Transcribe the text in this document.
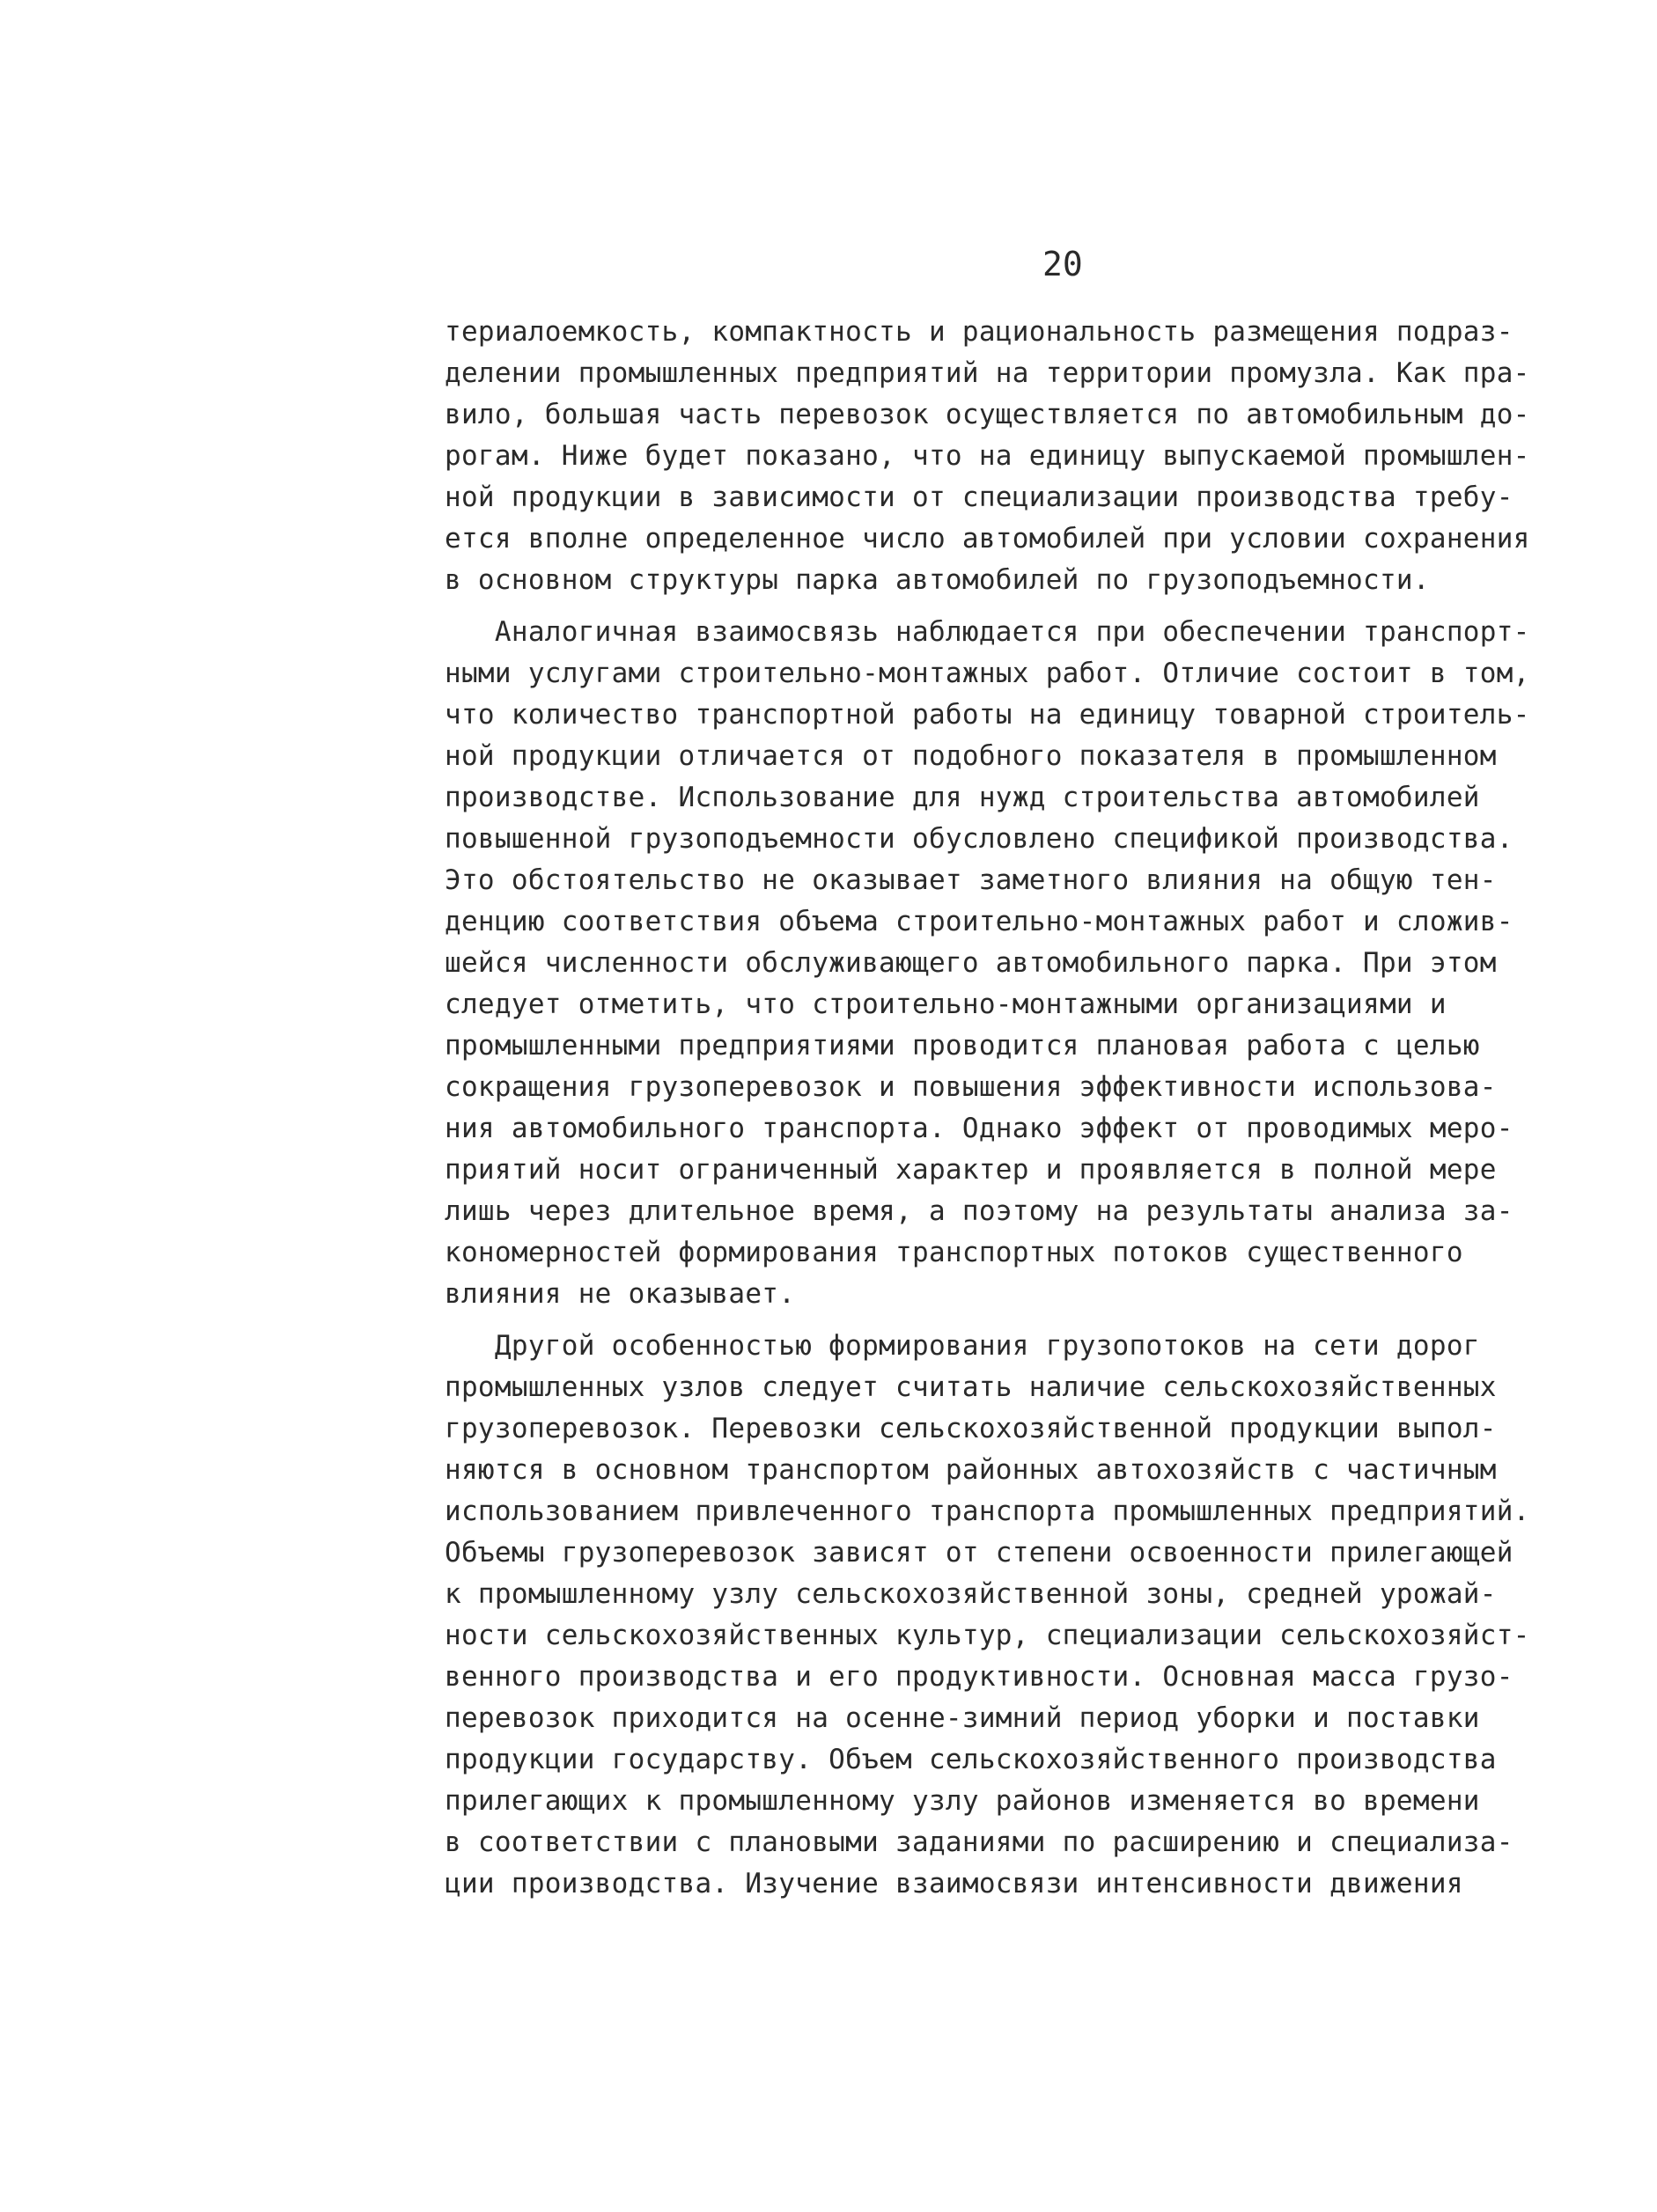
20
териалоемкость, компактность и рациональность размещения подраз-
делении промышленных предприятий на территории промузла. Как пра-
вило, большая часть перевозок осуществляется по автомобильным до-
рогам. Ниже будет показано, что на единицу выпускаемой промышлен-
ной продукции в зависимости от специализации производства требу-
ется вполне определенное число автомобилей при условии сохранения
в основном структуры парка автомобилей по грузоподъемности.
Аналогичная взаимосвязь наблюдается при обеспечении транспорт-
ными услугами строительно-монтажных работ. Отличие состоит в том,
что количество транспортной работы на единицу товарной строитель-
ной продукции отличается от подобного показателя в промышленном
производстве. Использование для нужд строительства автомобилей
повышенной грузоподъемности обусловлено спецификой производства.
Это обстоятельство не оказывает заметного влияния на общую тен-
денцию соответствия объема строительно-монтажных работ и сложив-
шейся численности обслуживающего автомобильного парка. При этом
следует отметить, что строительно-монтажными организациями и
промышленными предприятиями проводится плановая работа с целью
сокращения грузоперевозок и повышения эффективности использова-
ния автомобильного транспорта. Однако эффект от проводимых меро-
приятий носит ограниченный характер и проявляется в полной мере
лишь через длительное время, а поэтому на результаты анализа за-
кономерностей формирования транспортных потоков существенного
влияния не оказывает.
Другой особенностью формирования грузопотоков на сети дорог
промышленных узлов следует считать наличие сельскохозяйственных
грузоперевозок. Перевозки сельскохозяйственной продукции выпол-
няются в основном транспортом районных автохозяйств с частичным
использованием привлеченного транспорта промышленных предприятий.
Объемы грузоперевозок зависят от степени освоенности прилегающей
к промышленному узлу сельскохозяйственной зоны, средней урожай-
ности сельскохозяйственных культур, специализации сельскохозяйст-
венного производства и его продуктивности. Основная масса грузо-
перевозок приходится на осенне-зимний период уборки и поставки
продукции государству. Объем сельскохозяйственного производства
прилегающих к промышленному узлу районов изменяется во времени
в соответствии с плановыми заданиями по расширению и специализа-
ции производства. Изучение взаимосвязи интенсивности движения
